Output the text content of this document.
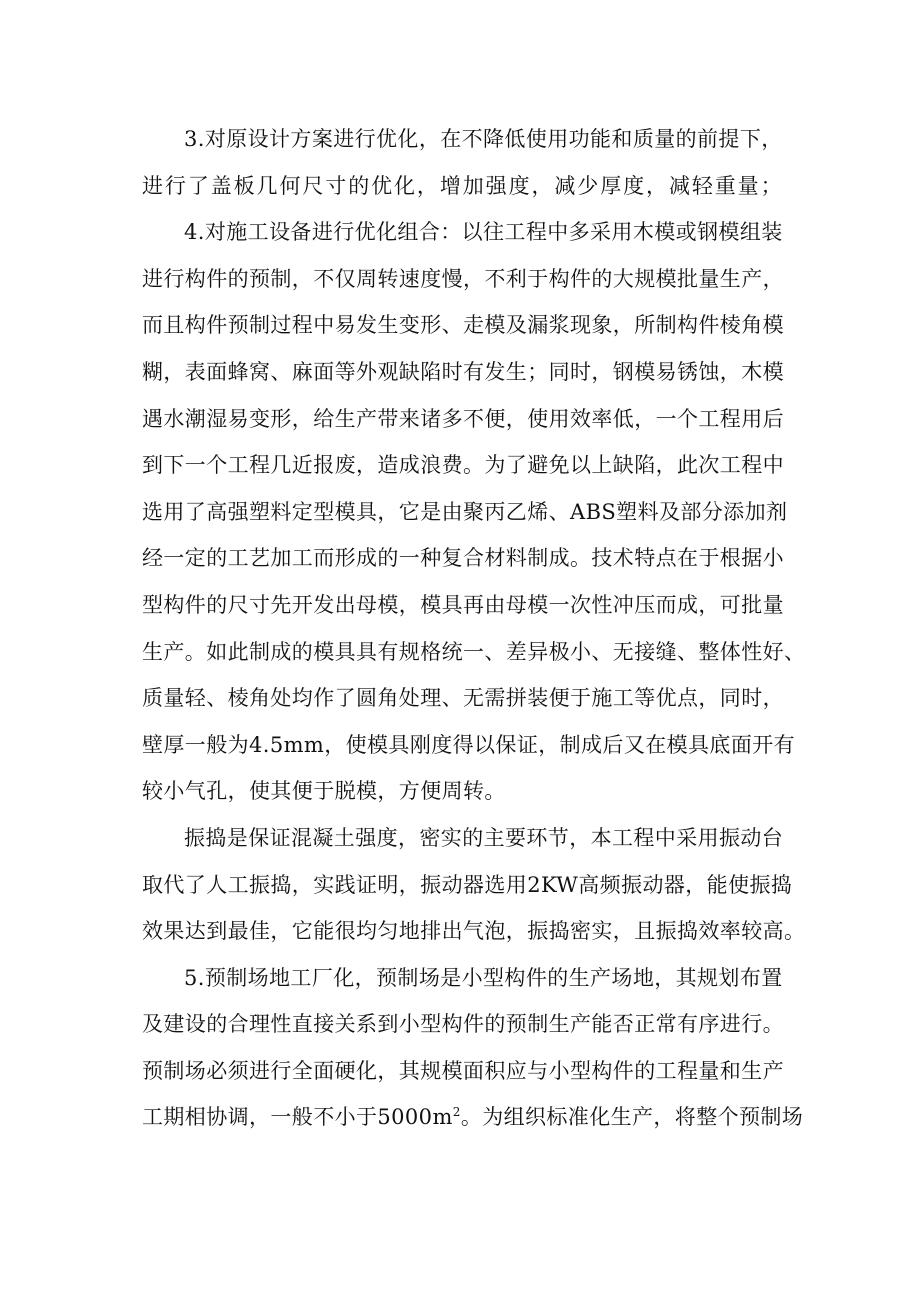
3.对原设计方案进行优化，在不降低使用功能和质量的前提下，
进行了盖板几何尺寸的优化，增加强度，减少厚度，减轻重量；
4.对施工设备进行优化组合：以往工程中多采用木模或钢模组装
进行构件的预制，不仅周转速度慢，不利于构件的大规模批量生产，
而且构件预制过程中易发生变形、走模及漏浆现象，所制构件棱角模
糊，表面蜂窝、麻面等外观缺陷时有发生；同时，钢模易锈蚀，木模
遇水潮湿易变形，给生产带来诸多不便，使用效率低，一个工程用后
到下一个工程几近报废，造成浪费。为了避免以上缺陷，此次工程中
选用了高强塑料定型模具，它是由聚丙乙烯、ABS塑料及部分添加剂
经一定的工艺加工而形成的一种复合材料制成。技术特点在于根据小
型构件的尺寸先开发出母模，模具再由母模一次性冲压而成，可批量
生产。如此制成的模具具有规格统一、差异极小、无接缝、整体性好、
质量轻、棱角处均作了圆角处理、无需拼装便于施工等优点，同时，
壁厚一般为4.5mm，使模具刚度得以保证，制成后又在模具底面开有
较小气孔，使其便于脱模，方便周转。
振捣是保证混凝土强度，密实的主要环节，本工程中采用振动台
取代了人工振捣，实践证明，振动器选用2KW高频振动器，能使振捣
效果达到最佳，它能很均匀地排出气泡，振捣密实，且振捣效率较高。
5.预制场地工厂化，预制场是小型构件的生产场地，其规划布置
及建设的合理性直接关系到小型构件的预制生产能否正常有序进行。
预制场必须进行全面硬化，其规模面积应与小型构件的工程量和生产
工期相协调，一般不小于$5000m^2$。为组织标准化生产，将整个预制场
